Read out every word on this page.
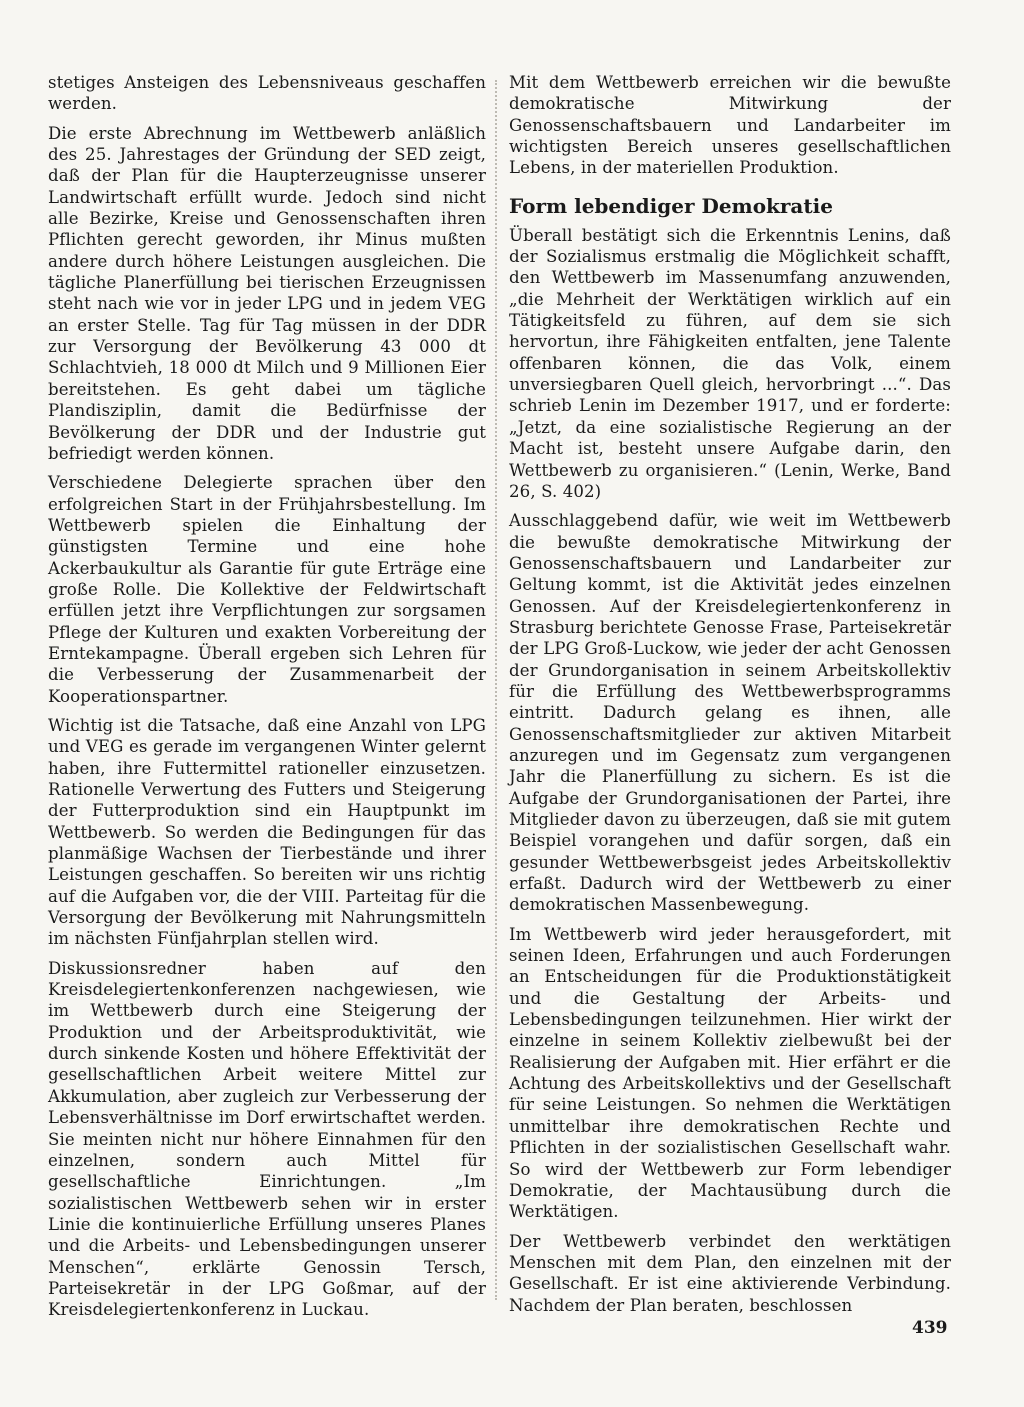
stetiges Ansteigen des Lebensniveaus geschaffen werden.

Die erste Abrechnung im Wettbewerb anläßlich des 25. Jahrestages der Gründung der SED zeigt, daß der Plan für die Haupterzeugnisse unserer Landwirtschaft erfüllt wurde. Jedoch sind nicht alle Bezirke, Kreise und Genossenschaften ihren Pflichten gerecht geworden, ihr Minus mußten andere durch höhere Leistungen ausgleichen. Die tägliche Planerfüllung bei tierischen Erzeugnissen steht nach wie vor in jeder LPG und in jedem VEG an erster Stelle. Tag für Tag müssen in der DDR zur Versorgung der Bevölkerung 43 000 dt Schlachtvieh, 18 000 dt Milch und 9 Millionen Eier bereitstehen. Es geht dabei um tägliche Plandisziplin, damit die Bedürfnisse der Bevölkerung der DDR und der Industrie gut befriedigt werden können.

Verschiedene Delegierte sprachen über den erfolgreichen Start in der Frühjahrsbestellung. Im Wettbewerb spielen die Einhaltung der günstigsten Termine und eine hohe Ackerbaukultur als Garantie für gute Erträge eine große Rolle. Die Kollektive der Feldwirtschaft erfüllen jetzt ihre Verpflichtungen zur sorgsamen Pflege der Kulturen und exakten Vorbereitung der Erntekampagne. Überall ergeben sich Lehren für die Verbesserung der Zusammenarbeit der Kooperationspartner.

Wichtig ist die Tatsache, daß eine Anzahl von LPG und VEG es gerade im vergangenen Winter gelernt haben, ihre Futtermittel rationeller einzusetzen. Rationelle Verwertung des Futters und Steigerung der Futterproduktion sind ein Hauptpunkt im Wettbewerb. So werden die Bedingungen für das planmäßige Wachsen der Tierbestände und ihrer Leistungen geschaffen. So bereiten wir uns richtig auf die Aufgaben vor, die der VIII. Parteitag für die Versorgung der Bevölkerung mit Nahrungsmitteln im nächsten Fünfjahrplan stellen wird.

Diskussionsredner haben auf den Kreisdelegiertenkonferenzen nachgewiesen, wie im Wettbewerb durch eine Steigerung der Produktion und der Arbeitsproduktivität, wie durch sinkende Kosten und höhere Effektivität der gesellschaftlichen Arbeit weitere Mittel zur Akkumulation, aber zugleich zur Verbesserung der Lebensverhältnisse im Dorf erwirtschaftet werden. Sie meinten nicht nur höhere Einnahmen für den einzelnen, sondern auch Mittel für gesellschaftliche Einrichtungen. „Im sozialistischen Wettbewerb sehen wir in erster Linie die kontinuierliche Erfüllung unseres Planes und die Arbeits- und Lebensbedingungen unserer Menschen“, erklärte Genossin Tersch, Parteisekretär in der LPG Goßmar, auf der Kreisdelegiertenkonferenz in Luckau.

Mit dem Wettbewerb erreichen wir die bewußte demokratische Mitwirkung der Genossenschaftsbauern und Landarbeiter im wichtigsten Bereich unseres gesellschaftlichen Lebens, in der materiellen Produktion.

Form lebendiger Demokratie

Überall bestätigt sich die Erkenntnis Lenins, daß der Sozialismus erstmalig die Möglichkeit schafft, den Wettbewerb im Massenumfang anzuwenden, „die Mehrheit der Werktätigen wirklich auf ein Tätigkeitsfeld zu führen, auf dem sie sich hervortun, ihre Fähigkeiten entfalten, jene Talente offenbaren können, die das Volk, einem unversiegbaren Quell gleich, hervorbringt ...“. Das schrieb Lenin im Dezember 1917, und er forderte: „Jetzt, da eine sozialistische Regierung an der Macht ist, besteht unsere Aufgabe darin, den Wettbewerb zu organisieren.“ (Lenin, Werke, Band 26, S. 402)

Ausschlaggebend dafür, wie weit im Wettbewerb die bewußte demokratische Mitwirkung der Genossenschaftsbauern und Landarbeiter zur Geltung kommt, ist die Aktivität jedes einzelnen Genossen. Auf der Kreisdelegiertenkonferenz in Strasburg berichtete Genosse Frase, Parteisekretär der LPG Groß-Luckow, wie jeder der acht Genossen der Grundorganisation in seinem Arbeitskollektiv für die Erfüllung des Wettbewerbsprogramms eintritt. Dadurch gelang es ihnen, alle Genossenschaftsmitglieder zur aktiven Mitarbeit anzuregen und im Gegensatz zum vergangenen Jahr die Planerfüllung zu sichern. Es ist die Aufgabe der Grundorganisationen der Partei, ihre Mitglieder davon zu überzeugen, daß sie mit gutem Beispiel vorangehen und dafür sorgen, daß ein gesunder Wettbewerbsgeist jedes Arbeitskollektiv erfaßt. Dadurch wird der Wettbewerb zu einer demokratischen Massenbewegung.

Im Wettbewerb wird jeder herausgefordert, mit seinen Ideen, Erfahrungen und auch Forderungen an Entscheidungen für die Produktionstätigkeit und die Gestaltung der Arbeits- und Lebensbedingungen teilzunehmen. Hier wirkt der einzelne in seinem Kollektiv zielbewußt bei der Realisierung der Aufgaben mit. Hier erfährt er die Achtung des Arbeitskollektivs und der Gesellschaft für seine Leistungen. So nehmen die Werktätigen unmittelbar ihre demokratischen Rechte und Pflichten in der sozialistischen Gesellschaft wahr. So wird der Wettbewerb zur Form lebendiger Demokratie, der Machtausübung durch die Werktätigen.

Der Wettbewerb verbindet den werktätigen Menschen mit dem Plan, den einzelnen mit der Gesellschaft. Er ist eine aktivierende Verbindung. Nachdem der Plan beraten, beschlossen

439
